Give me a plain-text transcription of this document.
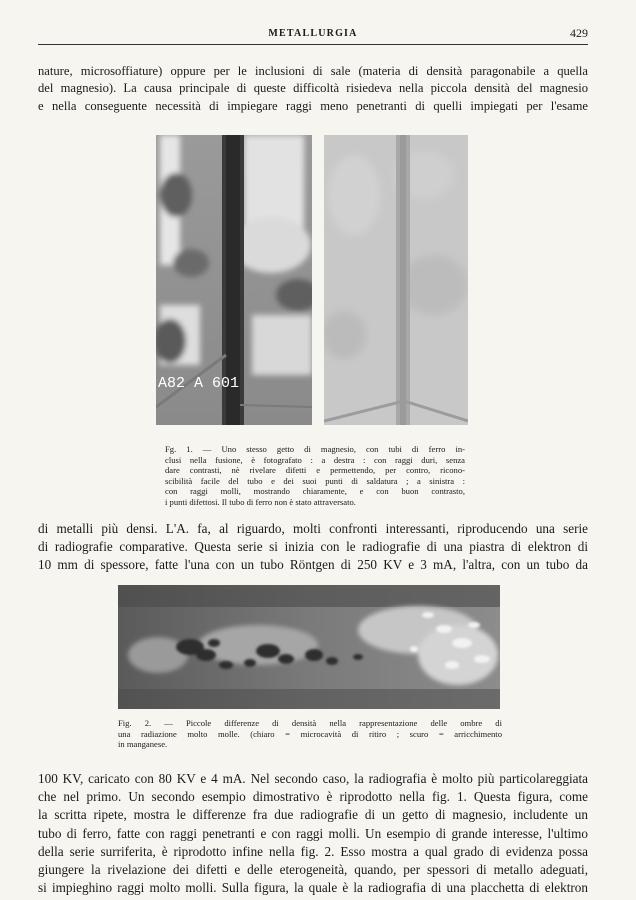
METALLURGIA	429
nature, microsoffiature) oppure per le inclusioni di sale (materia di densità paragonabile a quella
del magnesio). La causa principale di queste difficoltà risiedeva nella piccola densità del magnesio
e nella conseguente necessità di impiegare raggi meno penetranti di quelli impiegati per l'esame
A82 A 601
Fg. 1. — Uno stesso getto di magnesio, con tubi di ferro in-
clusi nella fusione, è fotografato : a destra : con raggi duri, senza
dare contrasti, nè rivelare difetti e permettendo, per contro, ricono-
scibilità facile del tubo e dei suoi punti di saldatura ; a sinistra :
con raggi molli, mostrando chiaramente, e con buon contrasto,
i punti difettosi. Il tubo di ferro non è stato attraversato.
di metalli più densi. L'A. fa, al riguardo, molti confronti interessanti, riproducendo una serie
di radiografie comparative. Questa serie si inizia con le radiografie di una piastra di elektron di
10 mm di spessore, fatte l'una con un tubo Röntgen di 250 KV e 3 mA, l'altra, con un tubo da
Fig. 2. — Piccole differenze di densità nella rappresentazione delle ombre di
una radiazione molto molle. (chiaro = microcavità di ritiro ; scuro = arricchimento
in manganese.
100 KV, caricato con 80 KV e 4 mA. Nel secondo caso, la radiografia è molto più particolareggiata
che nel primo. Un secondo esempio dimostrativo è riprodotto nella fig. 1. Questa figura, come
la scritta ripete, mostra le differenze fra due radiografie di un getto di magnesio, includente un
tubo di ferro, fatte con raggi penetranti e con raggi molli. Un esempio di grande interesse, l'ultimo
della serie surriferita, è riprodotto infine nella fig. 2. Esso mostra a qual grado di evidenza possa
giungere la rivelazione dei difetti e delle eterogeneità, quando, per spessori di metallo adeguati,
si impieghino raggi molto molli. Sulla figura, la quale è la radiografia di una placchetta di elektron
